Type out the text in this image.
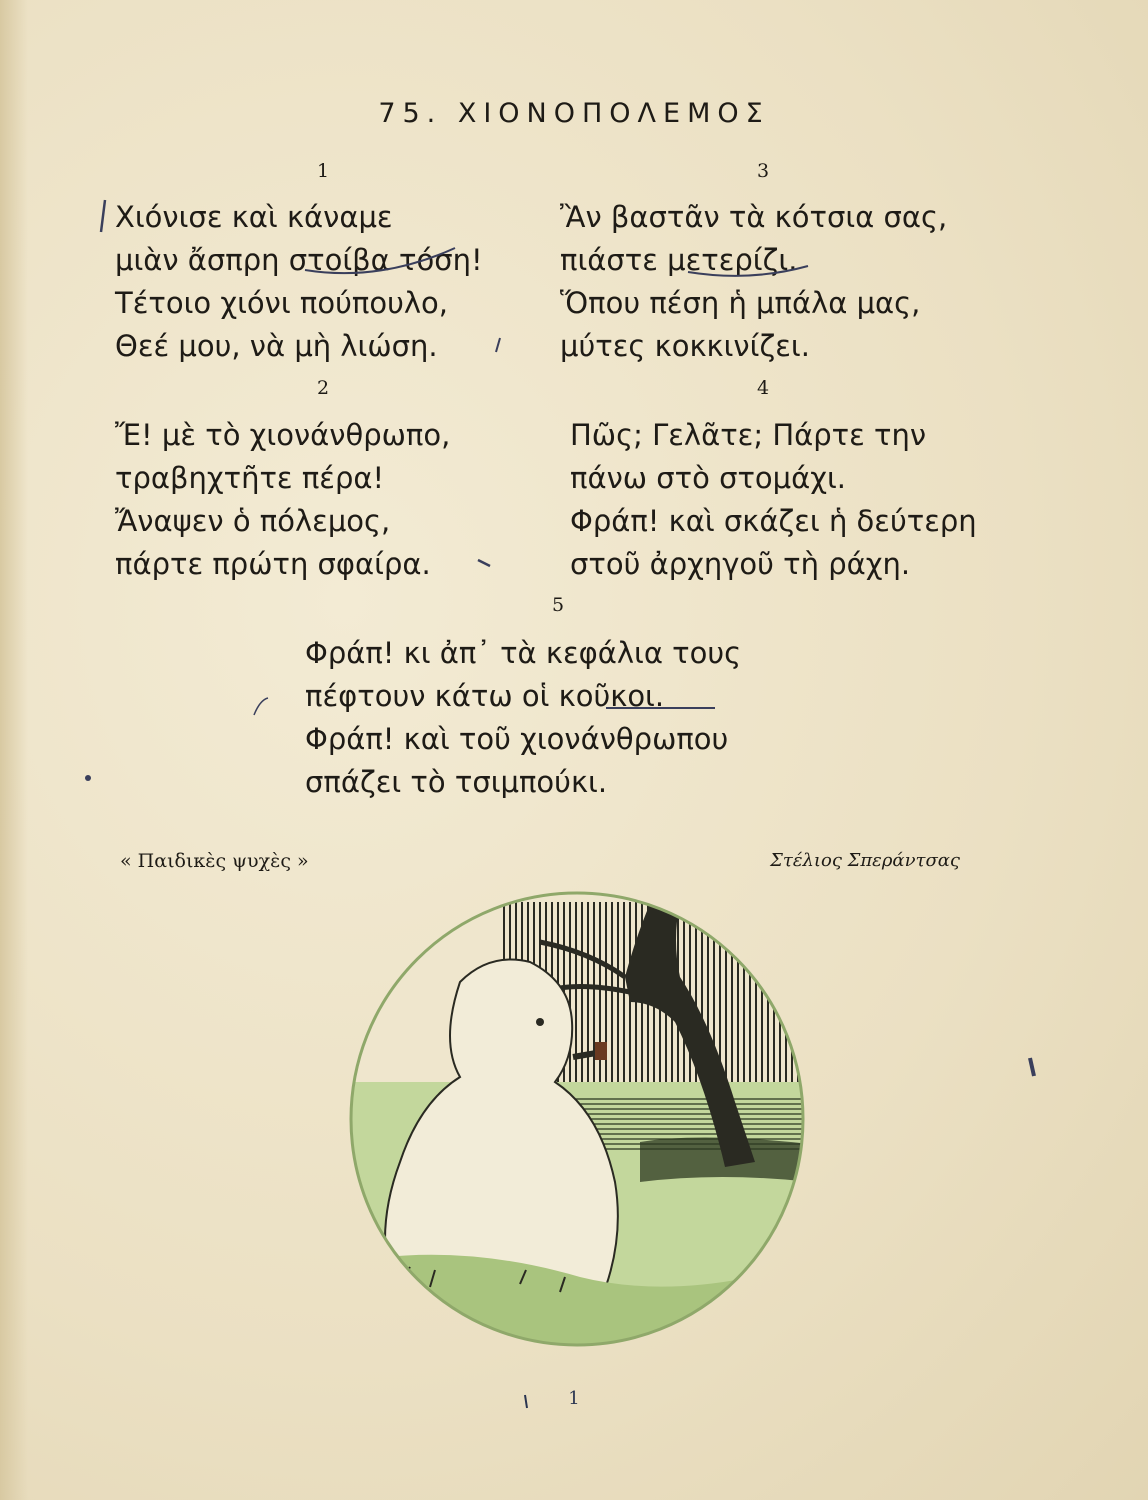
75. ΧΙΟΝΟΠΟΛΕΜΟΣ
1
Χιόνισε καὶ κάναμε
μιὰν ἄσπρη στοίβα τόση!
Τέτοιο χιόνι πούπουλο,
Θεέ μου, νὰ μὴ λιώση.
3
Ἂν βαστᾶν τὰ κότσια σας,
πιάστε μετερίζι.
Ὅπου πέση ἡ μπάλα μας,
μύτες κοκκινίζει.
2
Ἔ! μὲ τὸ χιονάνθρωπο,
τραβηχτῆτε πέρα!
Ἄναψεν ὁ πόλεμος,
πάρτε πρώτη σφαίρα.
4
Πῶς; Γελᾶτε; Πάρτε την
πάνω στὸ στομάχι.
Φράπ! καὶ σκάζει ἡ δεύτερη
στοῦ ἀρχηγοῦ τὴ ράχη.
5
Φράπ! κι ἀπ᾿ τὰ κεφάλια τους
πέφτουν κάτω οἱ κοῦκοι.
Φράπ! καὶ τοῦ χιονάνθρωπου
σπάζει τὸ τσιμπούκι.
« Παιδικὲς ψυχὲς »	Στέλιος Σπεράντσας
1
